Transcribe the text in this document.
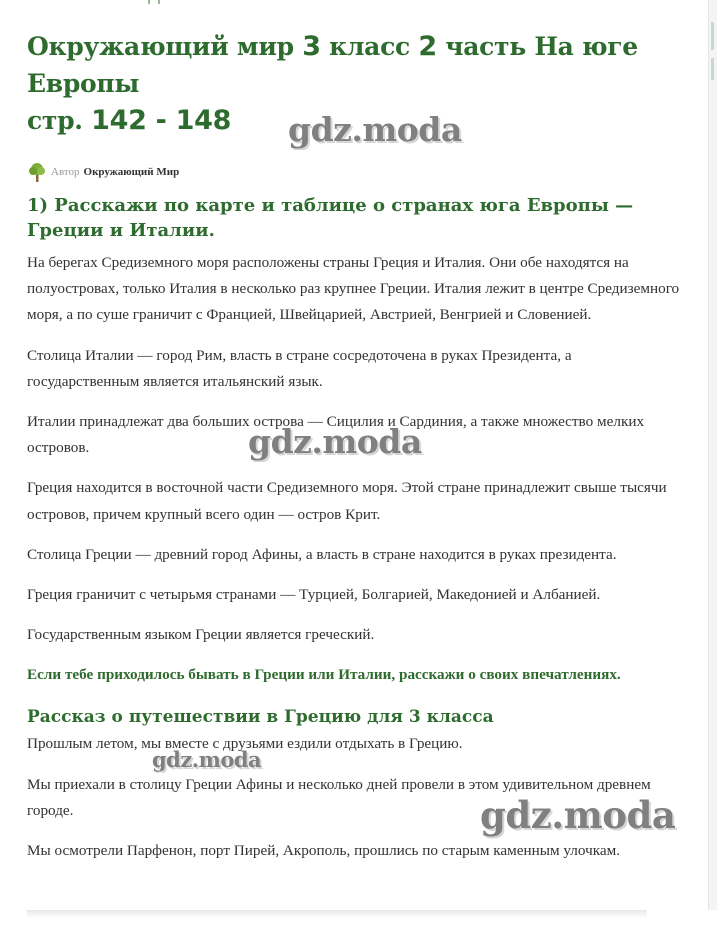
Окружающий мир 3 класс 2 часть На юге Европы
стр. 142 - 148
Автор Окружающий Мир
1) Расскажи по карте и таблице о странах юга Европы — Греции и Италии.

На берегах Средиземного моря расположены страны Греция и Италия. Они обе находятся на полуостровах, только Италия в несколько раз крупнее Греции. Италия лежит в центре Средиземного моря, а по суше граничит с Францией, Швейцарией, Австрией, Венгрией и Словенией.

Столица Италии — город Рим, власть в стране сосредоточена в руках Президента, а государственным является итальянский язык.

Италии принадлежат два больших острова — Сицилия и Сардиния, а также множество мелких островов.

Греция находится в восточной части Средиземного моря. Этой стране принадлежит свыше тысячи островов, причем крупный всего один — остров Крит.

Столица Греции — древний город Афины, а власть в стране находится в руках президента.

Греция граничит с четырьмя странами — Турцией, Болгарией, Македонией и Албанией.

Государственным языком Греции является греческий.

Если тебе приходилось бывать в Греции или Италии, расскажи о своих впечатлениях.

Рассказ о путешествии в Грецию для 3 класса

Прошлым летом, мы вместе с друзьями ездили отдыхать в Грецию.

Мы приехали в столицу Греции Афины и несколько дней провели в этом удивительном древнем городе.

Мы осмотрели Парфенон, порт Пирей, Акрополь, прошлись по старым каменным улочкам.

gdz.moda
gdz.moda
gdz.moda
gdz.moda
